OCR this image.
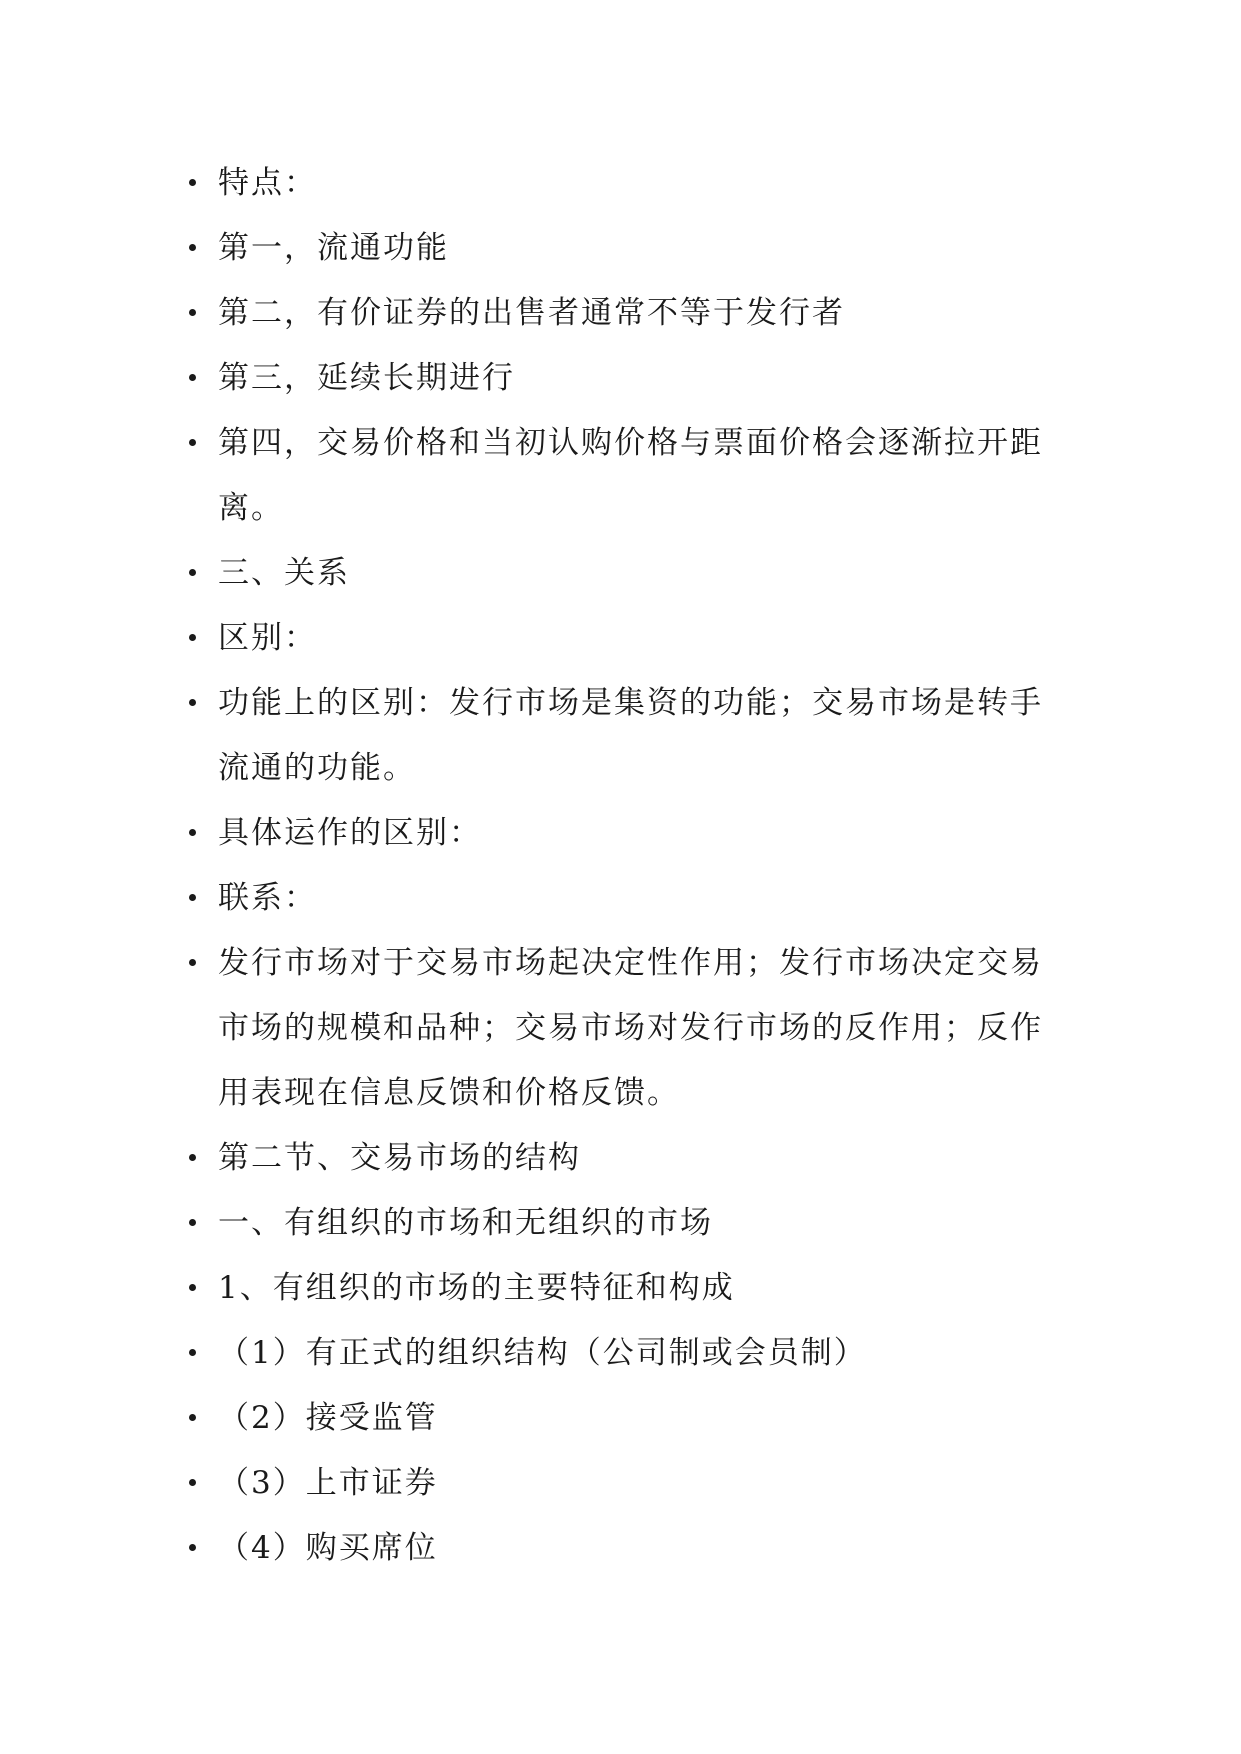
特点：
第一，流通功能
第二，有价证券的出售者通常不等于发行者
第三，延续长期进行
第四，交易价格和当初认购价格与票面价格会逐渐拉开距离。
三、关系
区别：
功能上的区别：发行市场是集资的功能；交易市场是转手流通的功能。
具体运作的区别：
联系：
发行市场对于交易市场起决定性作用；发行市场决定交易市场的规模和品种；交易市场对发行市场的反作用；反作用表现在信息反馈和价格反馈。
第二节、交易市场的结构
一、有组织的市场和无组织的市场
1、有组织的市场的主要特征和构成
（1）有正式的组织结构（公司制或会员制）
（2）接受监管
（3）上市证券
（4）购买席位
